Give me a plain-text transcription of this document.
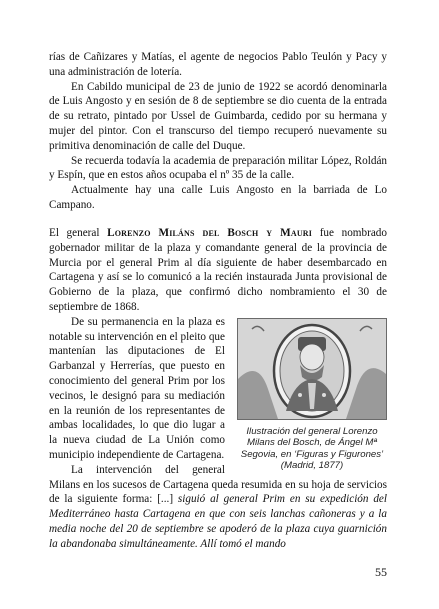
rías de Cañizares y Matías, el agente de negocios Pablo Teulón y Pacy y una administración de lotería.

En Cabildo municipal de 23 de junio de 1922 se acordó denominarla de Luis Angosto y en sesión de 8 de septiembre se dio cuenta de la entrada de su retrato, pintado por Ussel de Guimbarda, cedido por su hermana y mujer del pintor. Con el transcurso del tiempo recuperó nuevamente su primitiva denominación de calle del Duque.

Se recuerda todavía la academia de preparación militar López, Roldán y Espín, que en estos años ocupaba el nº 35 de la calle.

Actualmente hay una calle Luis Angosto en la barriada de Lo Campano.

El general Lorenzo Miláns del Bosch y Mauri fue nombrado gobernador militar de la plaza y comandante general de la provincia de Murcia por el general Prim al día siguiente de haber desembarcado en Cartagena y así se lo comunicó a la recién instaurada Junta provisional de Gobierno de la plaza, que confirmó dicho nombramiento el 30 de septiembre de 1868.

Ilustración del general Lorenzo Milans del Bosch, de Ángel Mª Segovia, en ‘Figuras y Figurones’ (Madrid, 1877)

De su permanencia en la plaza es notable su intervención en el pleito que mantenían las diputaciones de El Garbanzal y Herrerías, que puesto en conocimiento del general Prim por los vecinos, le designó para su mediación en la reunión de los representantes de ambas localidades, lo que dio lugar a la nueva ciudad de La Unión como municipio independiente de Cartagena.

La intervención del general Milans en los sucesos de Cartagena queda resumida en su hoja de servicios de la siguiente forma: [...] siguió al general Prim en su expedición del Mediterráneo hasta Cartagena en que con seis lanchas cañoneras y a la media noche del 20 de septiembre se apoderó de la plaza cuya guarnición la abandonaba simultáneamente. Allí tomó el mando

55
